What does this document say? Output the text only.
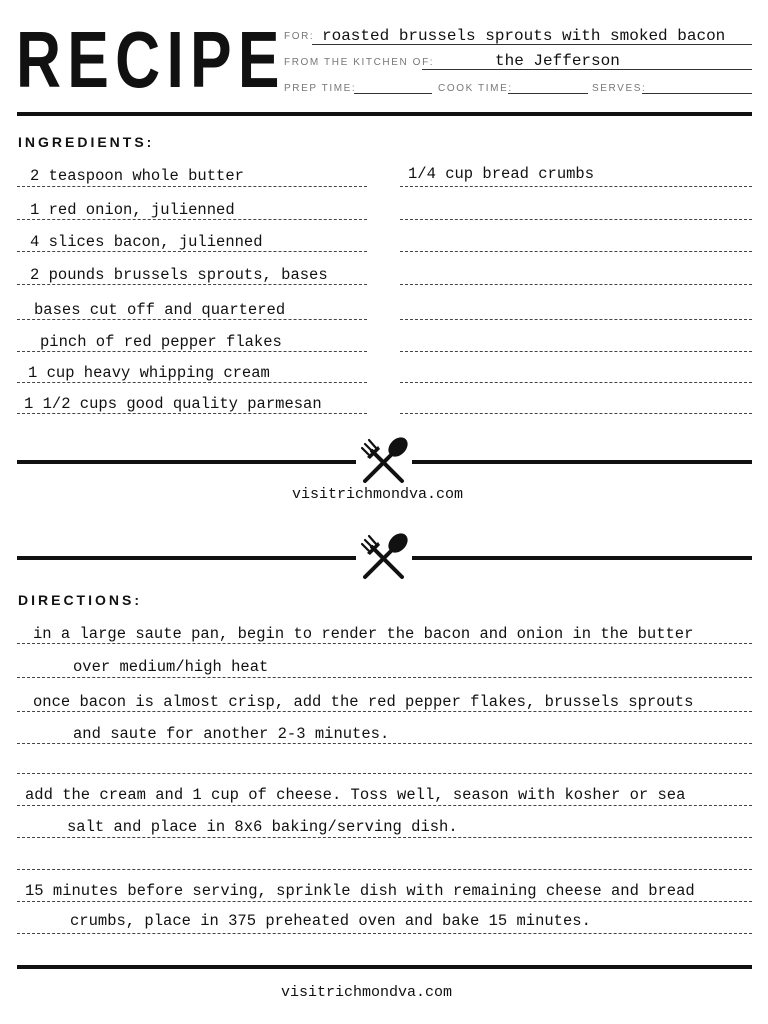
RECIPE
FOR: roasted brussels sprouts with smoked bacon
FROM THE KITCHEN OF:	the Jefferson
PREP TIME:	COOK TIME:	SERVES:
INGREDIENTS:
2 teaspoon whole butter
1 red onion, julienned
4 slices bacon, julienned
2 pounds brussels sprouts, bases
bases cut off and quartered
pinch of red pepper flakes
1 cup heavy whipping cream
1 1/2 cups good quality parmesan
1/4 cup bread crumbs
visitrichmondva.com
DIRECTIONS:
in a large saute pan, begin to render the bacon and onion in the butter
over medium/high heat
once bacon is almost crisp, add the red pepper flakes, brussels sprouts
and saute for another 2-3 minutes.
add the cream and 1 cup of cheese. Toss well, season with kosher or sea
salt and place in 8x6 baking/serving dish.
15 minutes before serving, sprinkle dish with remaining cheese and bread
crumbs, place in 375 preheated oven and bake 15 minutes.
visitrichmondva.com
